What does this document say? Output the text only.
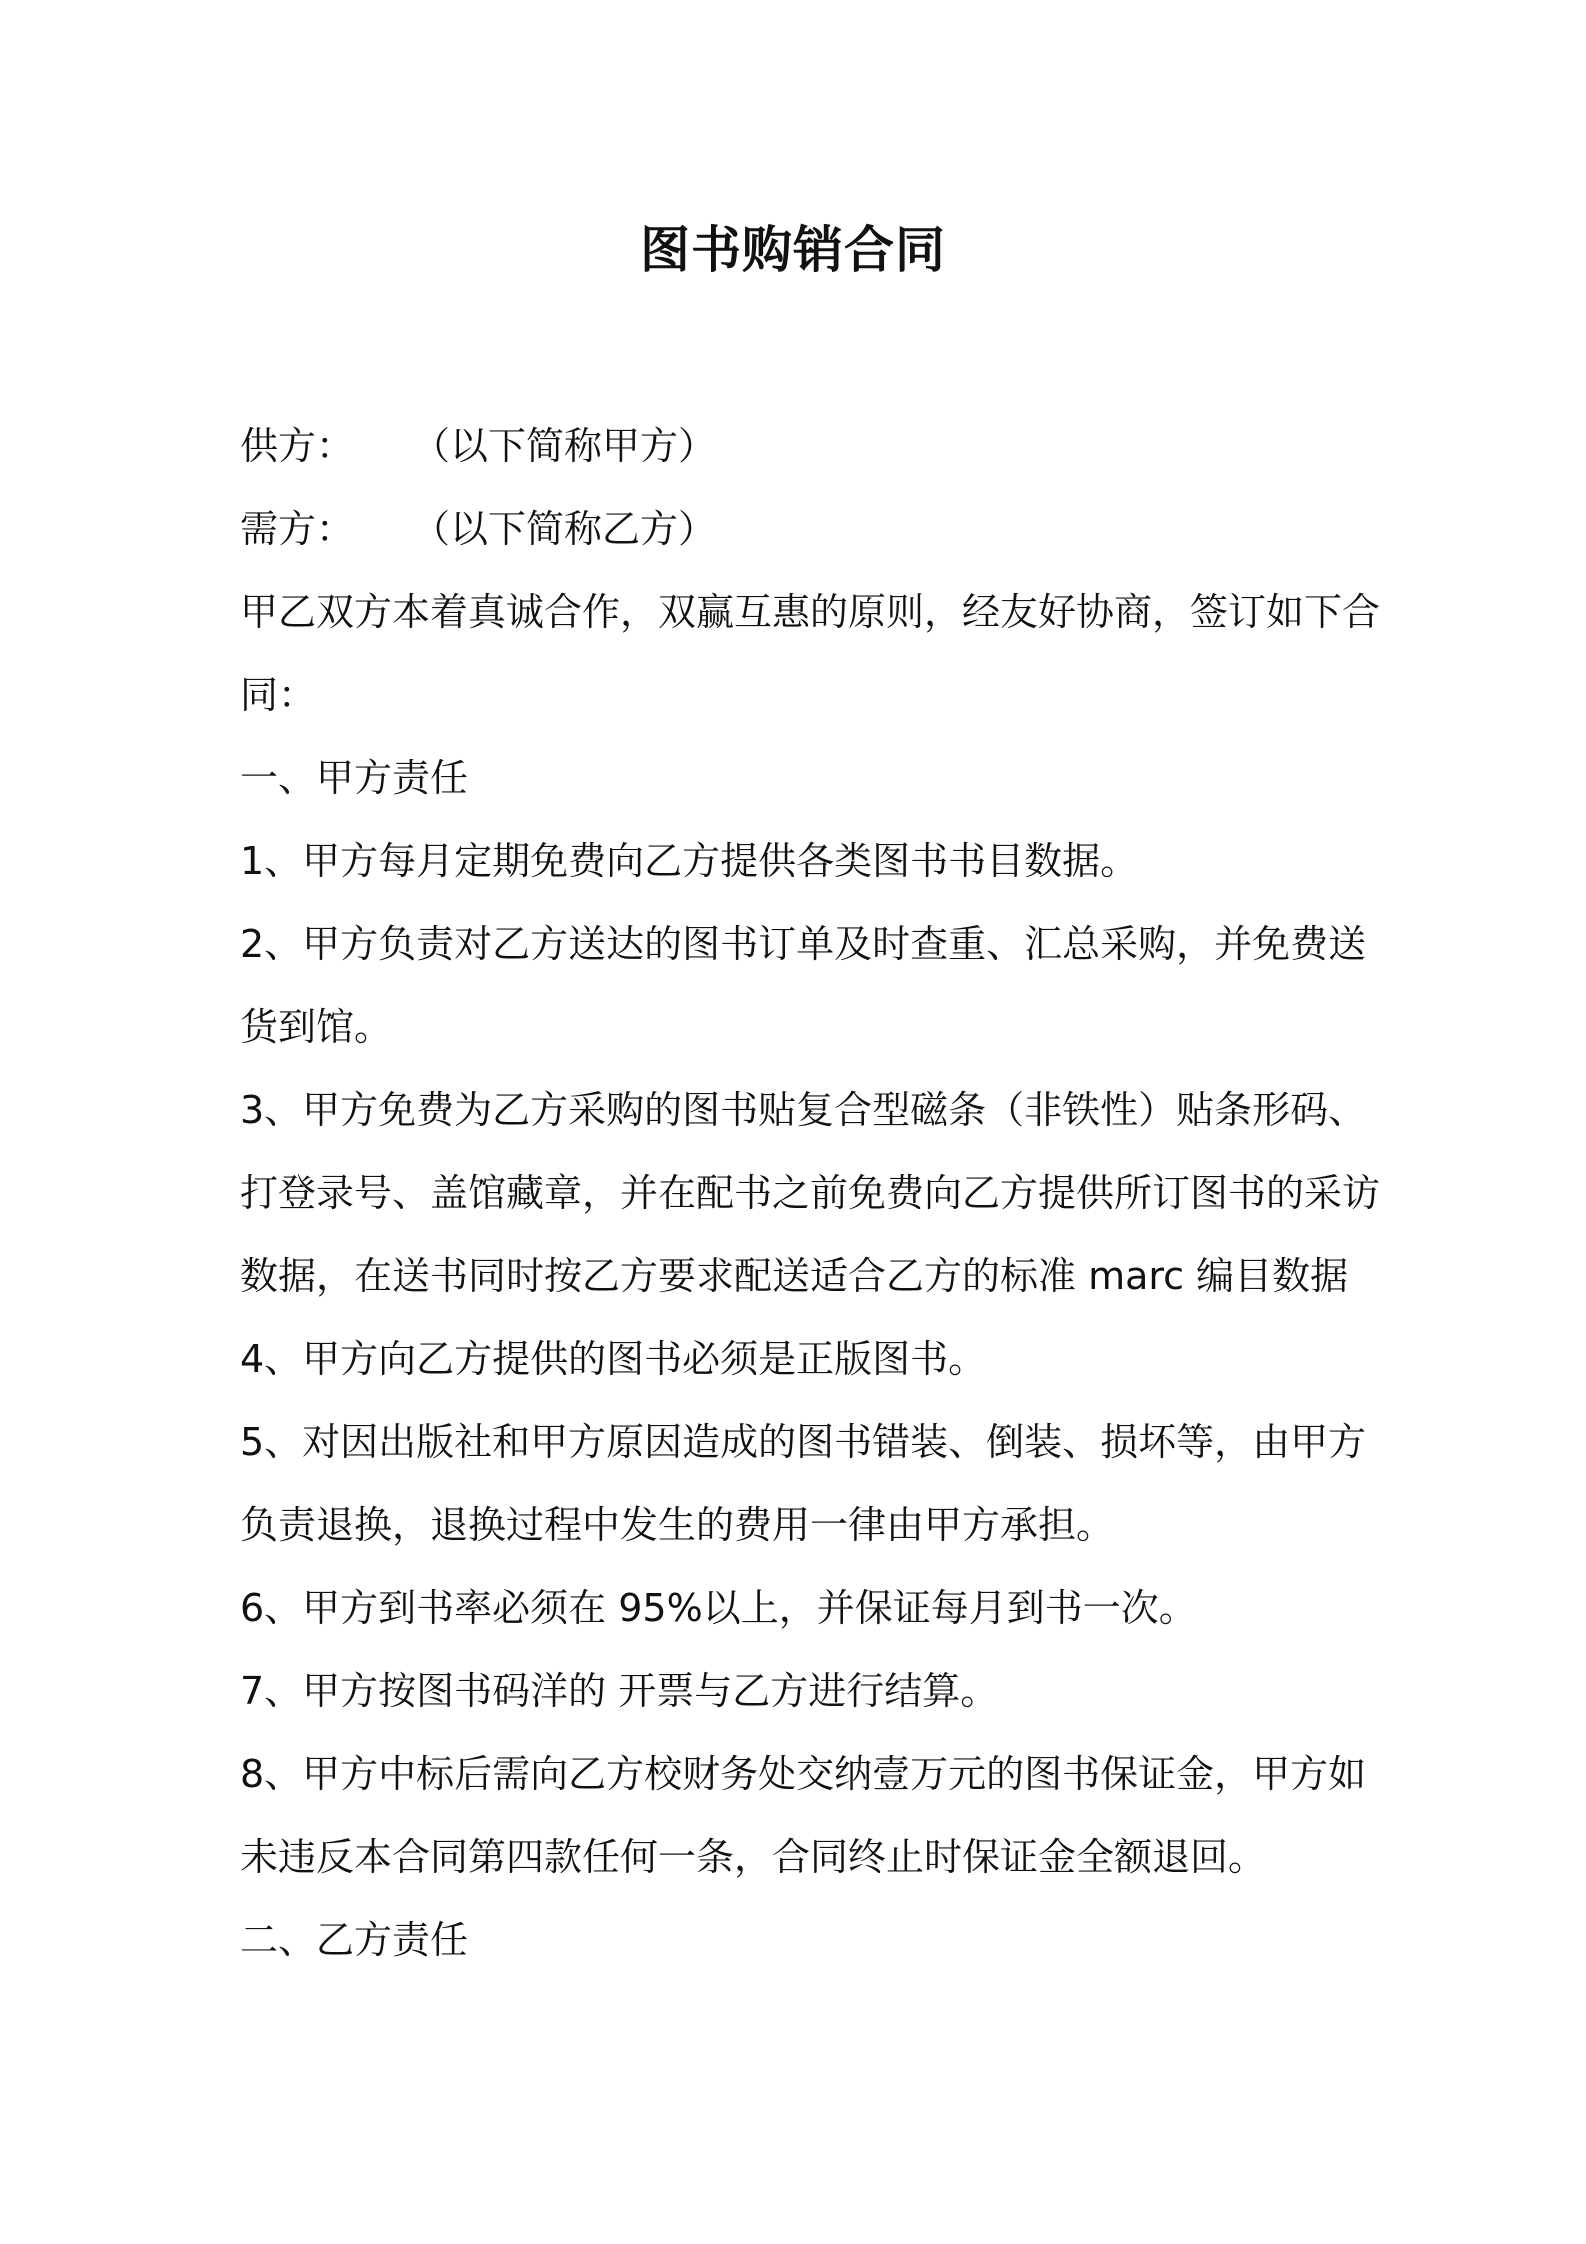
图书购销合同
供方： （以下简称甲方）
需方： （以下简称乙方）
甲乙双方本着真诚合作，双赢互惠的原则，经友好协商，签订如下合
同：
一、甲方责任
1、甲方每月定期免费向乙方提供各类图书书目数据。
2、甲方负责对乙方送达的图书订单及时查重、汇总采购，并免费送
货到馆。
3、甲方免费为乙方采购的图书贴复合型磁条（非铁性）贴条形码、
打登录号、盖馆藏章，并在配书之前免费向乙方提供所订图书的采访
数据，在送书同时按乙方要求配送适合乙方的标准 marc 编目数据
4、甲方向乙方提供的图书必须是正版图书。
5、对因出版社和甲方原因造成的图书错装、倒装、损坏等，由甲方
负责退换，退换过程中发生的费用一律由甲方承担。
6、甲方到书率必须在 95%以上，并保证每月到书一次。
7、甲方按图书码洋的 开票与乙方进行结算。
8、甲方中标后需向乙方校财务处交纳壹万元的图书保证金，甲方如
未违反本合同第四款任何一条，合同终止时保证金全额退回。
二、乙方责任
